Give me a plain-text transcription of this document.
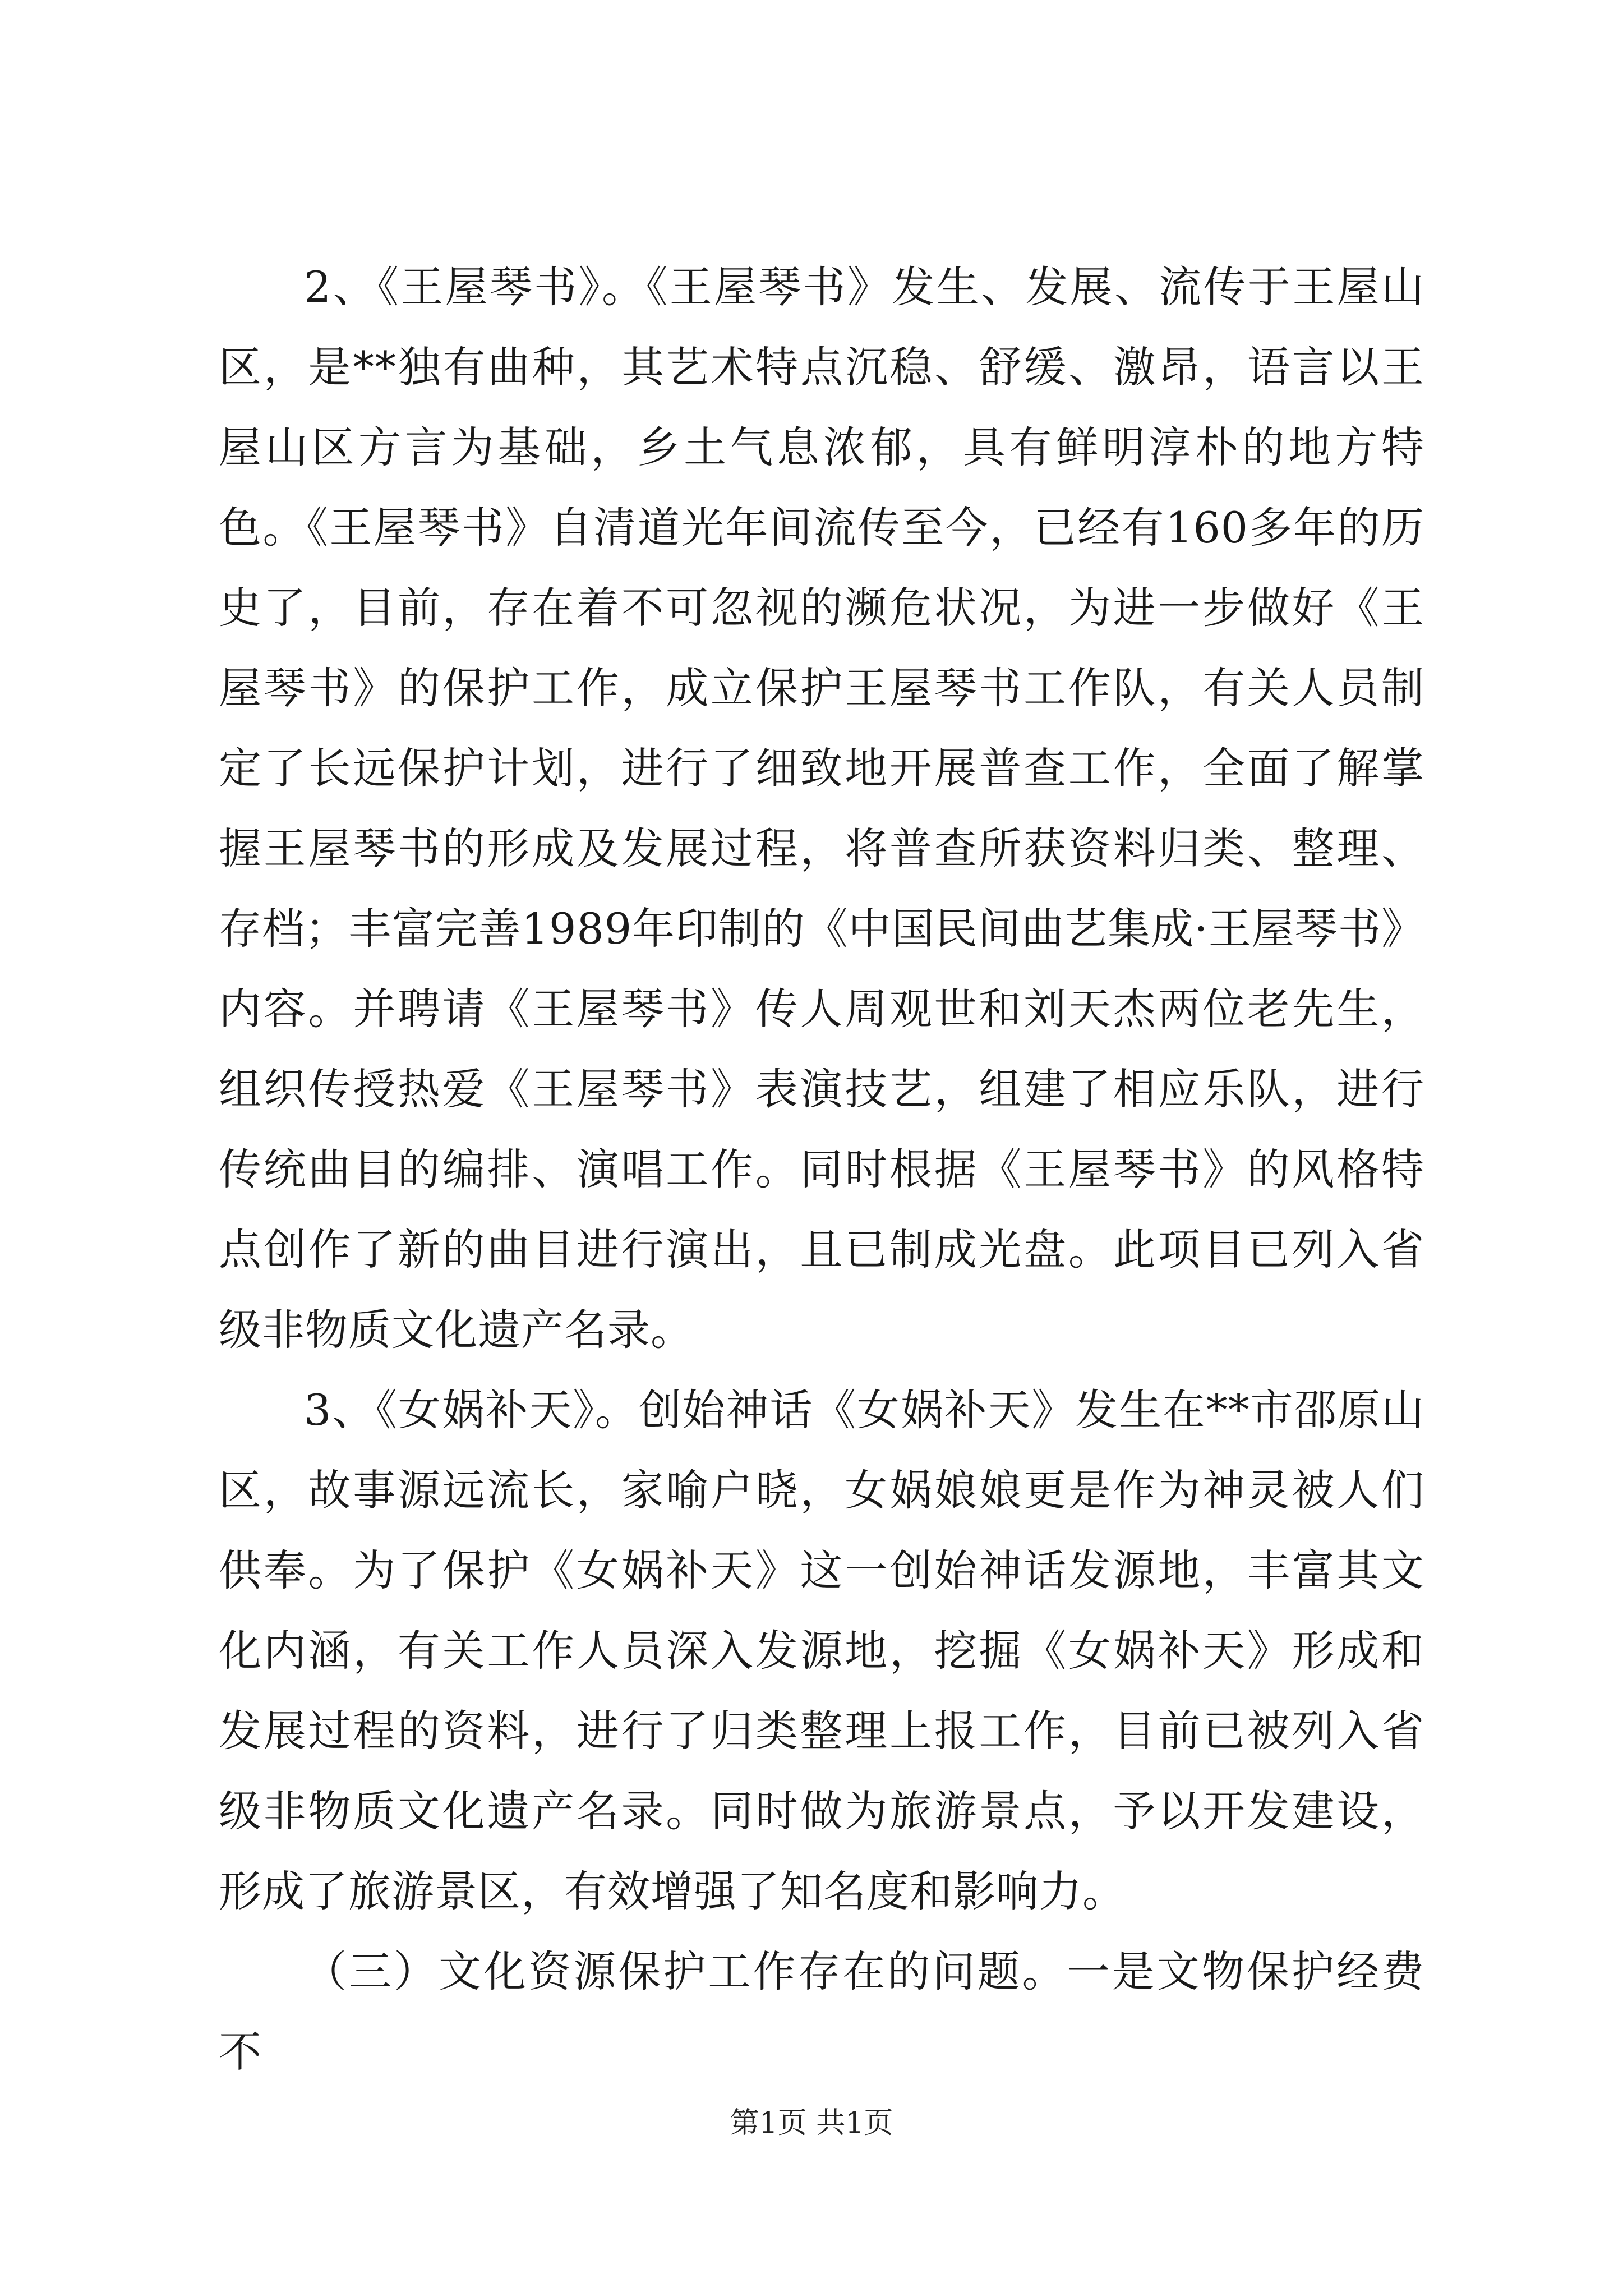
2、《王屋琴书》。《王屋琴书》发生、发展、流传于王屋山区，是**独有曲种，其艺术特点沉稳、舒缓、激昂，语言以王屋山区方言为基础，乡土气息浓郁，具有鲜明淳朴的地方特色。《王屋琴书》自清道光年间流传至今，已经有160多年的历史了，目前，存在着不可忽视的濒危状况，为进一步做好《王屋琴书》的保护工作，成立保护王屋琴书工作队，有关人员制定了长远保护计划，进行了细致地开展普查工作，全面了解掌握王屋琴书的形成及发展过程，将普查所获资料归类、整理、存档；丰富完善1989年印制的《中国民间曲艺集成·王屋琴书》内容。并聘请《王屋琴书》传人周观世和刘天杰两位老先生，组织传授热爱《王屋琴书》表演技艺，组建了相应乐队，进行传统曲目的编排、演唱工作。同时根据《王屋琴书》的风格特点创作了新的曲目进行演出，且已制成光盘。此项目已列入省级非物质文化遗产名录。

3、《女娲补天》。创始神话《女娲补天》发生在**市邵原山区，故事源远流长，家喻户晓，女娲娘娘更是作为神灵被人们供奉。为了保护《女娲补天》这一创始神话发源地，丰富其文化内涵，有关工作人员深入发源地，挖掘《女娲补天》形成和发展过程的资料，进行了归类整理上报工作，目前已被列入省级非物质文化遗产名录。同时做为旅游景点，予以开发建设，形成了旅游景区，有效增强了知名度和影响力。

（三）文化资源保护工作存在的问题。一是文物保护经费不

第1页 共1页
